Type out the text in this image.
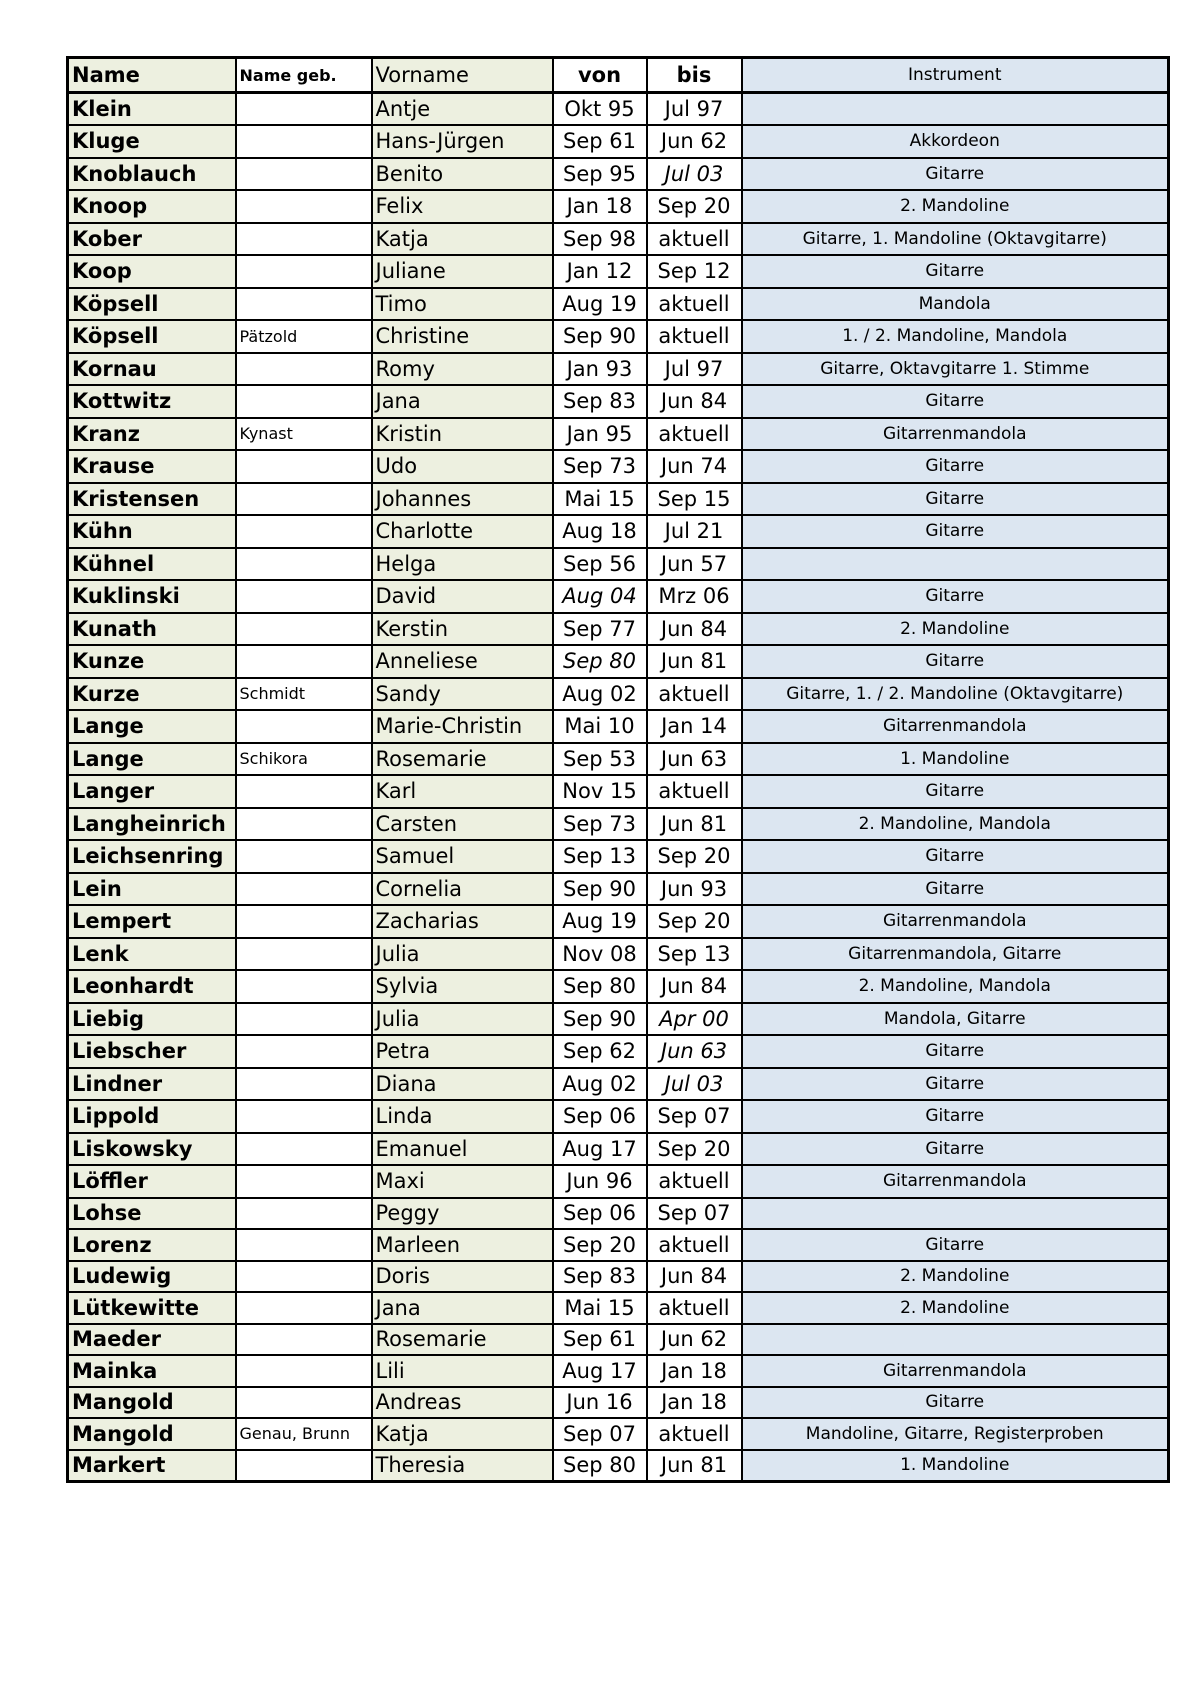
Name	Name geb.	Vorname	von	bis	Instrument
Klein		Antje	Okt 95	Jul 97	
Kluge		Hans-Jürgen	Sep 61	Jun 62	Akkordeon
Knoblauch		Benito	Sep 95	Jul 03	Gitarre
Knoop		Felix	Jan 18	Sep 20	2. Mandoline
Kober		Katja	Sep 98	aktuell	Gitarre, 1. Mandoline (Oktavgitarre)
Koop		Juliane	Jan 12	Sep 12	Gitarre
Köpsell		Timo	Aug 19	aktuell	Mandola
Köpsell	Pätzold	Christine	Sep 90	aktuell	1. / 2. Mandoline, Mandola
Kornau		Romy	Jan 93	Jul 97	Gitarre, Oktavgitarre 1. Stimme
Kottwitz		Jana	Sep 83	Jun 84	Gitarre
Kranz	Kynast	Kristin	Jan 95	aktuell	Gitarrenmandola
Krause		Udo	Sep 73	Jun 74	Gitarre
Kristensen		Johannes	Mai 15	Sep 15	Gitarre
Kühn		Charlotte	Aug 18	Jul 21	Gitarre
Kühnel		Helga	Sep 56	Jun 57	
Kuklinski		David	Aug 04	Mrz 06	Gitarre
Kunath		Kerstin	Sep 77	Jun 84	2. Mandoline
Kunze		Anneliese	Sep 80	Jun 81	Gitarre
Kurze	Schmidt	Sandy	Aug 02	aktuell	Gitarre, 1. / 2. Mandoline (Oktavgitarre)
Lange		Marie-Christin	Mai 10	Jan 14	Gitarrenmandola
Lange	Schikora	Rosemarie	Sep 53	Jun 63	1. Mandoline
Langer		Karl	Nov 15	aktuell	Gitarre
Langheinrich		Carsten	Sep 73	Jun 81	2. Mandoline, Mandola
Leichsenring		Samuel	Sep 13	Sep 20	Gitarre
Lein		Cornelia	Sep 90	Jun 93	Gitarre
Lempert		Zacharias	Aug 19	Sep 20	Gitarrenmandola
Lenk		Julia	Nov 08	Sep 13	Gitarrenmandola, Gitarre
Leonhardt		Sylvia	Sep 80	Jun 84	2. Mandoline, Mandola
Liebig		Julia	Sep 90	Apr 00	Mandola, Gitarre
Liebscher		Petra	Sep 62	Jun 63	Gitarre
Lindner		Diana	Aug 02	Jul 03	Gitarre
Lippold		Linda	Sep 06	Sep 07	Gitarre
Liskowsky		Emanuel	Aug 17	Sep 20	Gitarre
Löffler		Maxi	Jun 96	aktuell	Gitarrenmandola
Lohse		Peggy	Sep 06	Sep 07	
Lorenz		Marleen	Sep 20	aktuell	Gitarre
Ludewig		Doris	Sep 83	Jun 84	2. Mandoline
Lütkewitte		Jana	Mai 15	aktuell	2. Mandoline
Maeder		Rosemarie	Sep 61	Jun 62	
Mainka		Lili	Aug 17	Jan 18	Gitarrenmandola
Mangold		Andreas	Jun 16	Jan 18	Gitarre
Mangold	Genau, Brunn	Katja	Sep 07	aktuell	Mandoline, Gitarre, Registerproben
Markert		Theresia	Sep 80	Jun 81	1. Mandoline
